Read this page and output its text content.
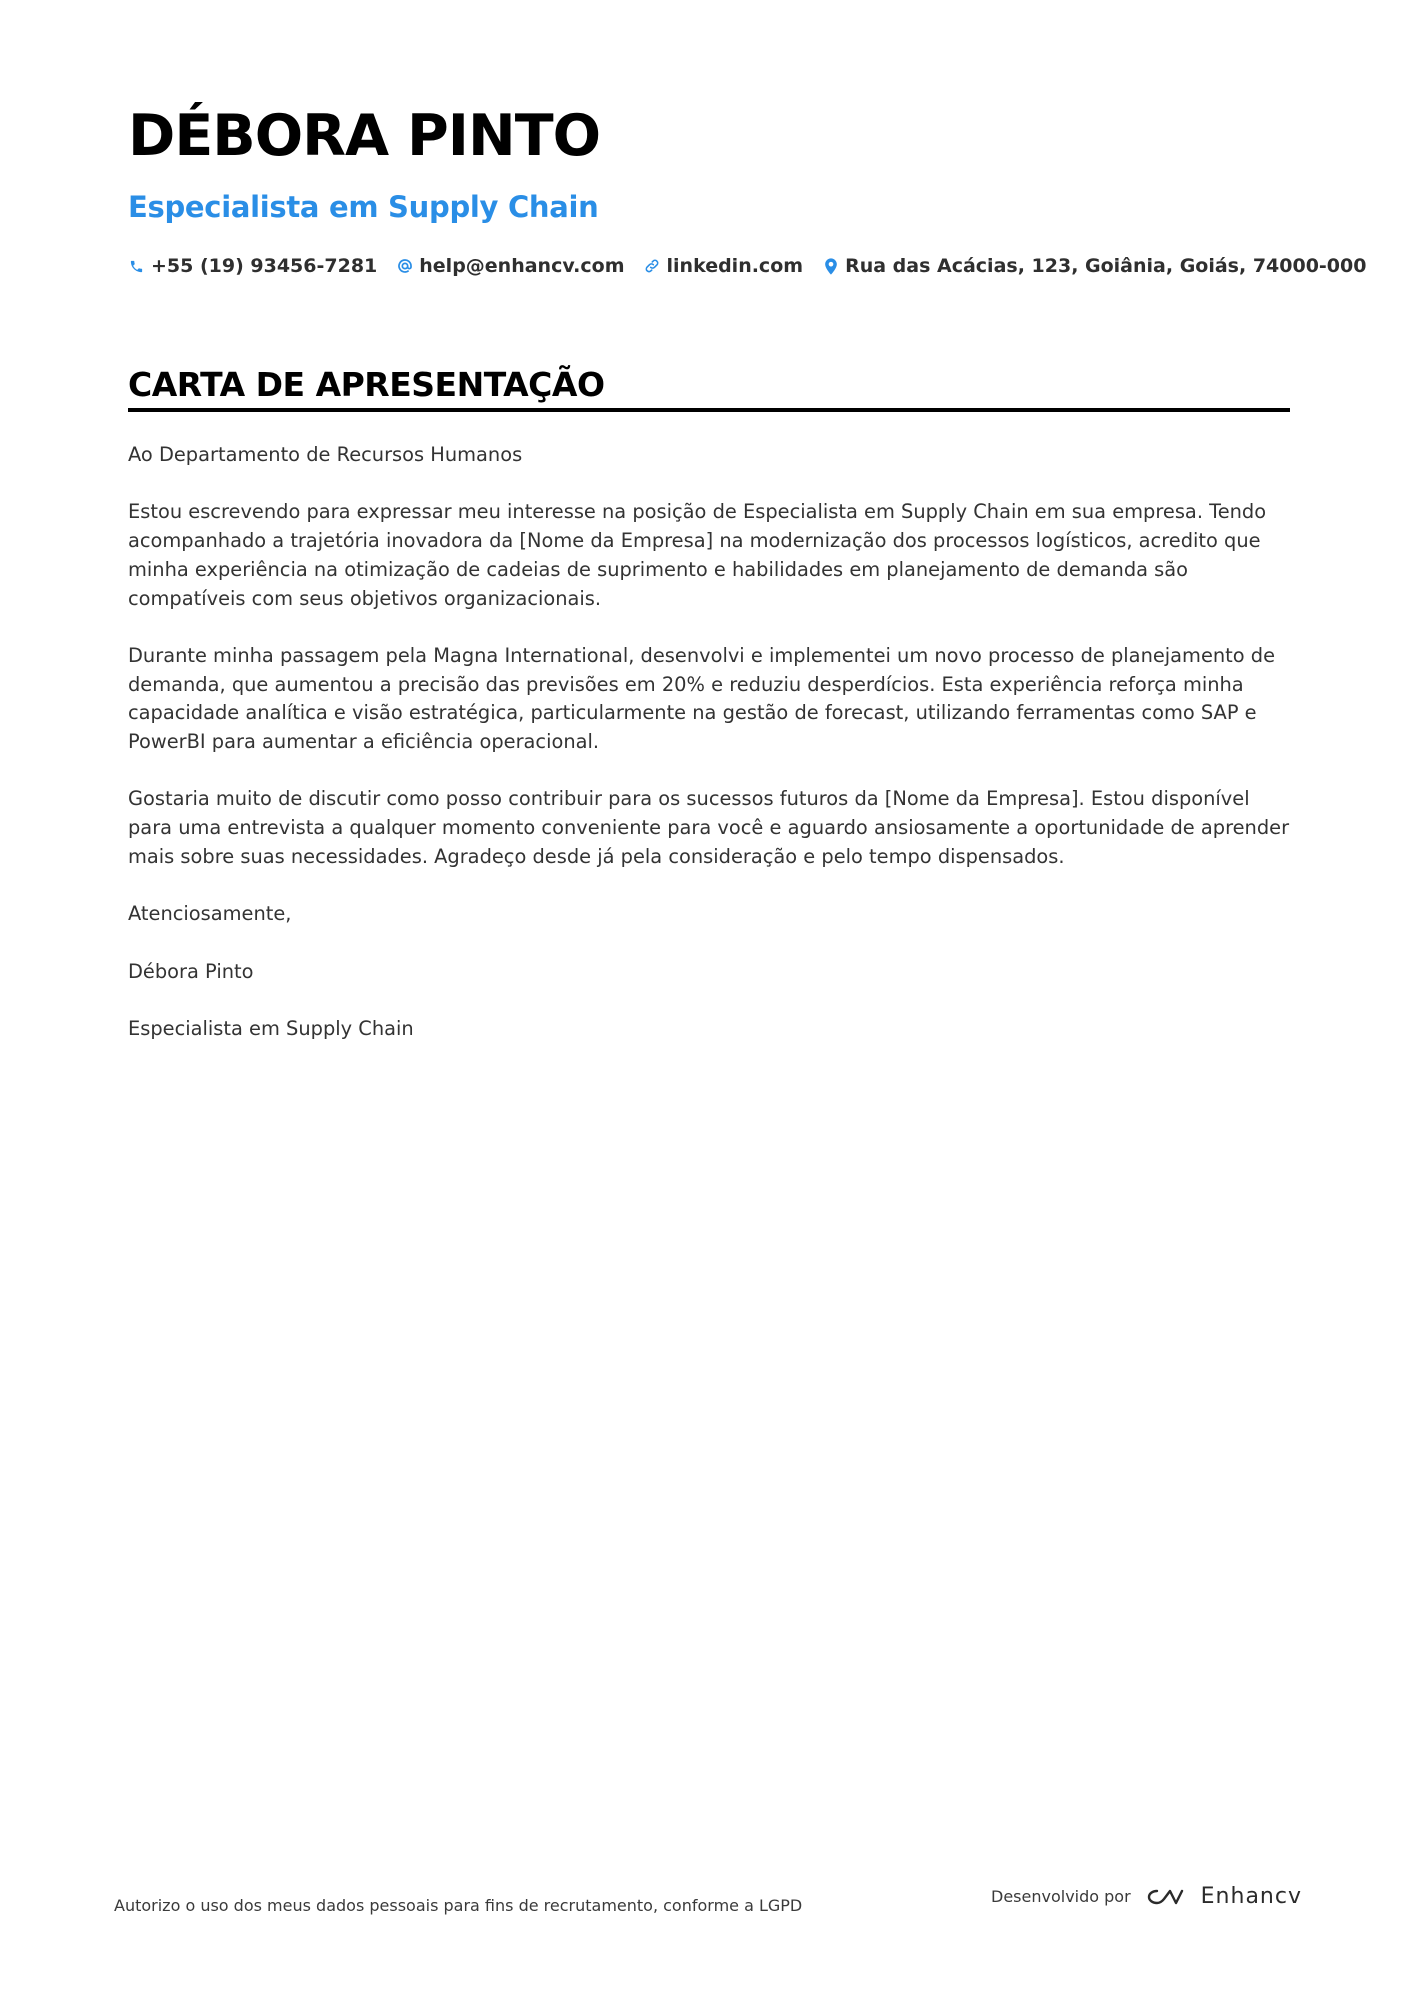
DÉBORA PINTO
Especialista em Supply Chain
+55 (19) 93456-7281 help@enhancv.com linkedin.com Rua das Acácias, 123, Goiânia, Goiás, 74000-000
CARTA DE APRESENTAÇÃO

Ao Departamento de Recursos Humanos

Estou escrevendo para expressar meu interesse na posição de Especialista em Supply Chain em sua empresa. Tendo acompanhado a trajetória inovadora da [Nome da Empresa] na modernização dos processos logísticos, acredito que minha experiência na otimização de cadeias de suprimento e habilidades em planejamento de demanda são compatíveis com seus objetivos organizacionais.

Durante minha passagem pela Magna International, desenvolvi e implementei um novo processo de planejamento de demanda, que aumentou a precisão das previsões em 20% e reduziu desperdícios. Esta experiência reforça minha capacidade analítica e visão estratégica, particularmente na gestão de forecast, utilizando ferramentas como SAP e PowerBI para aumentar a eficiência operacional.

Gostaria muito de discutir como posso contribuir para os sucessos futuros da [Nome da Empresa]. Estou disponível para uma entrevista a qualquer momento conveniente para você e aguardo ansiosamente a oportunidade de aprender mais sobre suas necessidades. Agradeço desde já pela consideração e pelo tempo dispensados.

Atenciosamente,

Débora Pinto

Especialista em Supply Chain

Autorizo o uso dos meus dados pessoais para fins de recrutamento, conforme a LGPD	Desenvolvido por	Enhancv
